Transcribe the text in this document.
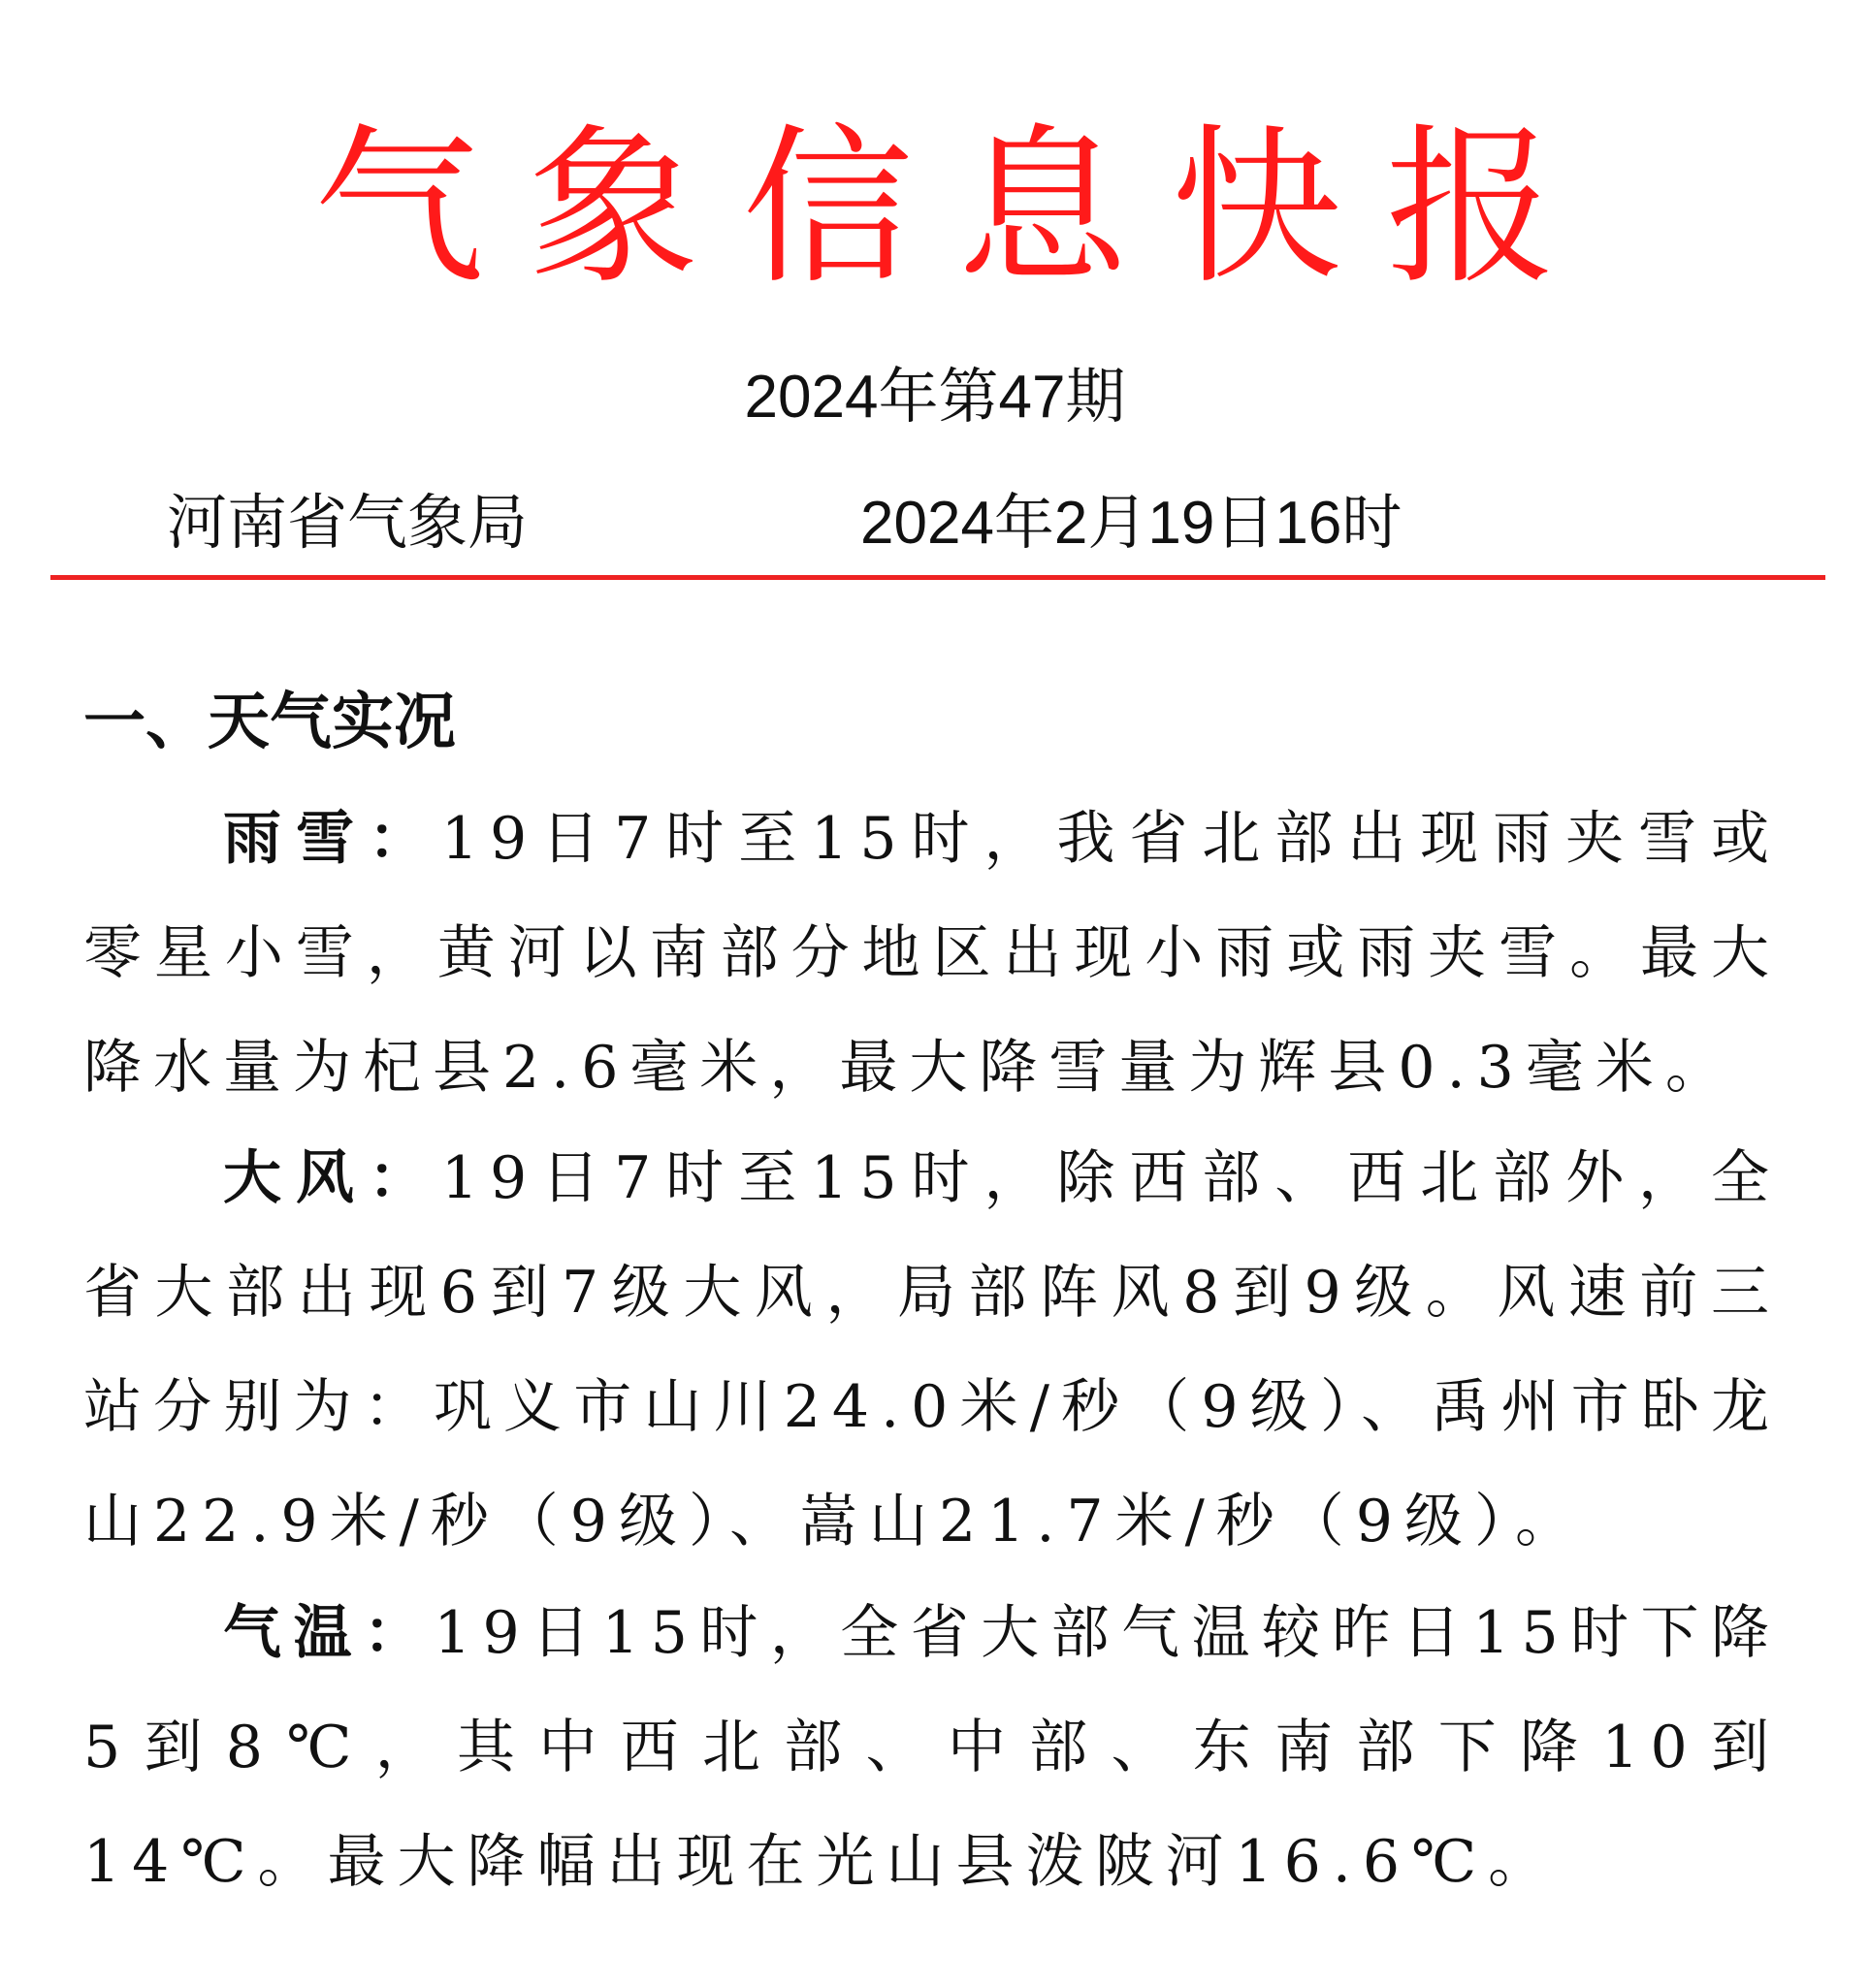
气象信息快报
2024年第47期
河南省气象局	2024年2月19日16时
一、天气实况

雨雪：19日7时至15时，我省北部出现雨夹雪或零星小雪，黄河以南部分地区出现小雨或雨夹雪。最大降水量为杞县2.6毫米，最大降雪量为辉县0.3毫米。

大风：19日7时至15时，除西部、西北部外，全省大部出现6到7级大风，局部阵风8到9级。风速前三站分别为：巩义市山川24.0米/秒（9级）、禹州市卧龙山22.9米/秒（9级）、嵩山21.7米/秒（9级）。

气温：19日15时，全省大部气温较昨日15时下降5到8℃，其中西北部、中部、东南部下降10到14℃。最大降幅出现在光山县泼陂河16.6℃。
